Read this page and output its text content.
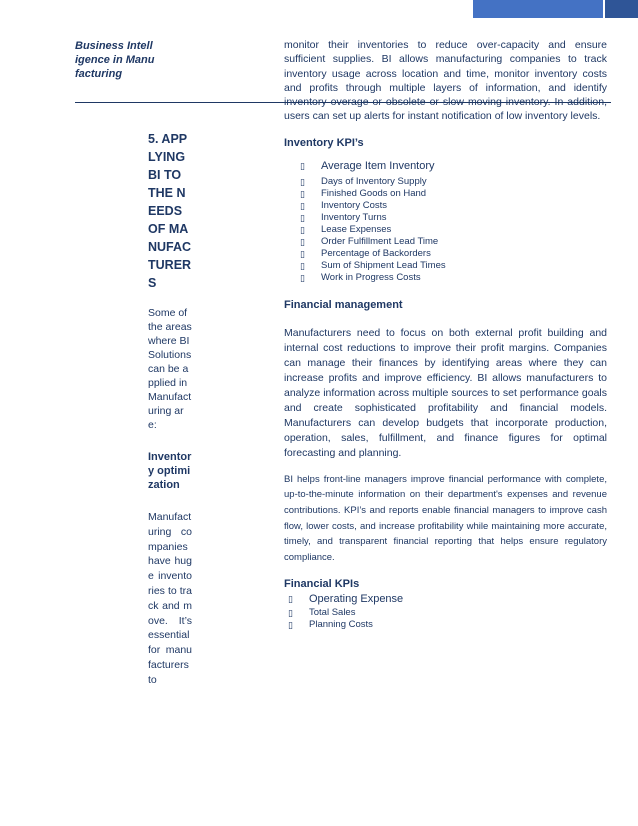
Business Intelligence in Manufacturing
5. APPLYING BI TO THE NEEDS OF MANUFACTURERS
Some of the areas where BI Solutions can be applied in Manufacturing are:
Inventory optimization
Manufacturing companies have huge inventories to track and move. It’s essential for manufacturers to

monitor their inventories to reduce over-capacity and ensure sufficient supplies. BI allows manufacturing companies to track inventory usage across location and time, monitor inventory costs and profits through multiple layers of information, and identify inventory overage or obsolete or slow moving inventory. In addition, users can set up alerts for instant notification of low inventory levels.

Inventory KPI’s
▯ Average Item Inventory
▯ Days of Inventory Supply
▯ Finished Goods on Hand
▯ Inventory Costs
▯ Inventory Turns
▯ Lease Expenses
▯ Order Fulfillment Lead Time
▯ Percentage of Backorders
▯ Sum of Shipment Lead Times
▯ Work in Progress Costs
Financial management

Manufacturers need to focus on both external profit building and internal cost reductions to improve their profit margins. Companies can manage their finances by identifying areas where they can increase profits and improve efficiency. BI allows manufacturers to analyze information across multiple sources to set performance goals and create sophisticated profitability and financial models. Manufacturers can develop budgets that incorporate production, operation, sales, fulfillment, and finance figures for optimal forecasting and planning.

BI helps front-line managers improve financial performance with complete, up-to-the-minute information on their department's expenses and revenue contributions. KPI’s and reports enable financial managers to improve cash flow, lower costs, and increase profitability while maintaining more accurate, timely, and transparent financial reporting that helps ensure regulatory compliance.

Financial KPIs
▯ Operating Expense
▯ Total Sales
▯ Planning Costs
